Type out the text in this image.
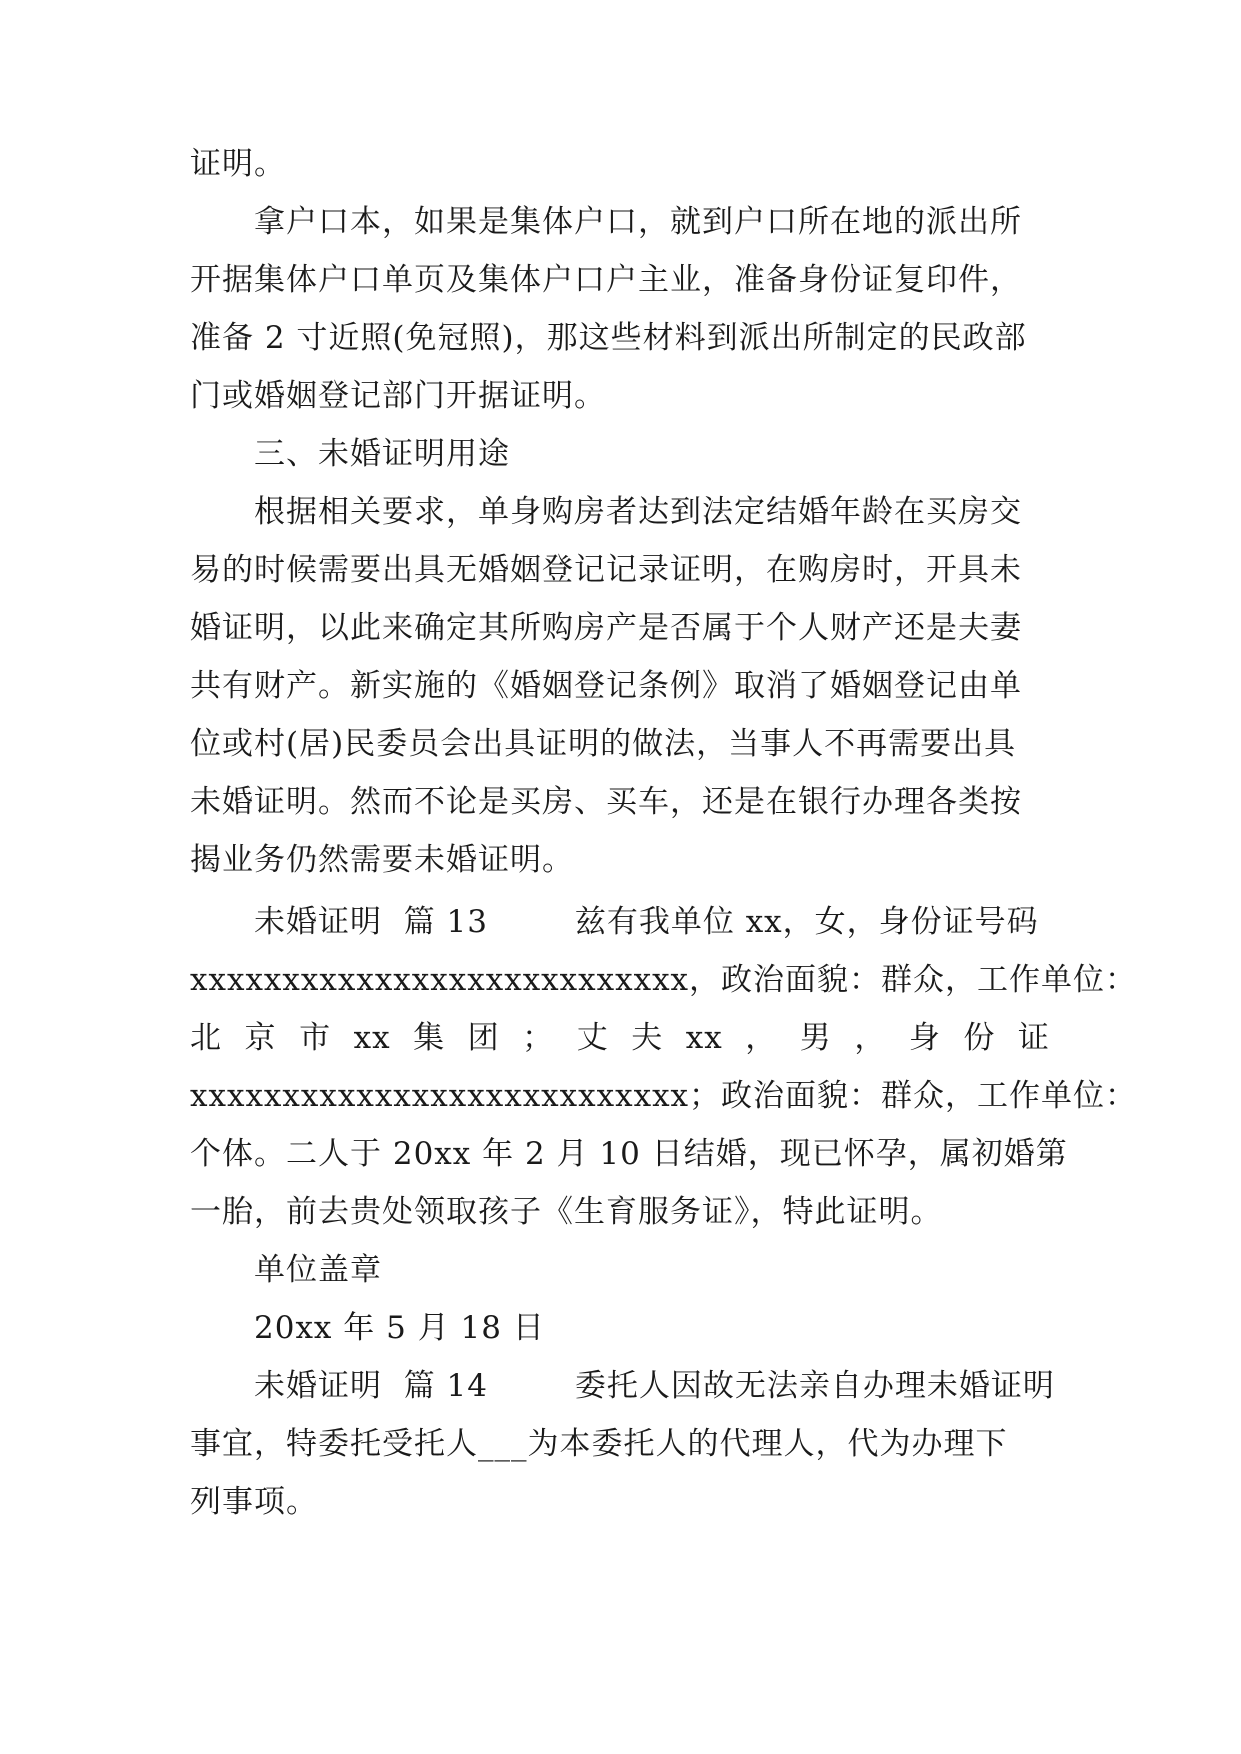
证明。
拿户口本，如果是集体户口，就到户口所在地的派出所
开据集体户口单页及集体户口户主业，准备身份证复印件，
准备 2 寸近照(免冠照)，那这些材料到派出所制定的民政部
门或婚姻登记部门开据证明。
三、未婚证明用途
根据相关要求，单身购房者达到法定结婚年龄在买房交
易的时候需要出具无婚姻登记记录证明，在购房时，开具未
婚证明，以此来确定其所购房产是否属于个人财产还是夫妻
共有财产。新实施的《婚姻登记条例》取消了婚姻登记由单
位或村(居)民委员会出具证明的做法，当事人不再需要出具
未婚证明。然而不论是买房、买车，还是在银行办理各类按
揭业务仍然需要未婚证明。
未婚证明  篇 13        兹有我单位 xx，女，身份证号码
xxxxxxxxxxxxxxxxxxxxxxxxxxx，政治面貌：群众，工作单位：
北 京 市 xx 集 团 ； 丈 夫 xx ， 男 ， 身 份 证
xxxxxxxxxxxxxxxxxxxxxxxxxxx；政治面貌：群众，工作单位：
个体。二人于 20xx 年 2 月 10 日结婚，现已怀孕，属初婚第
一胎，前去贵处领取孩子《生育服务证》，特此证明。
单位盖章
20xx 年 5 月 18 日
未婚证明  篇 14        委托人因故无法亲自办理未婚证明
事宜，特委托受托人___为本委托人的代理人，代为办理下
列事项。
